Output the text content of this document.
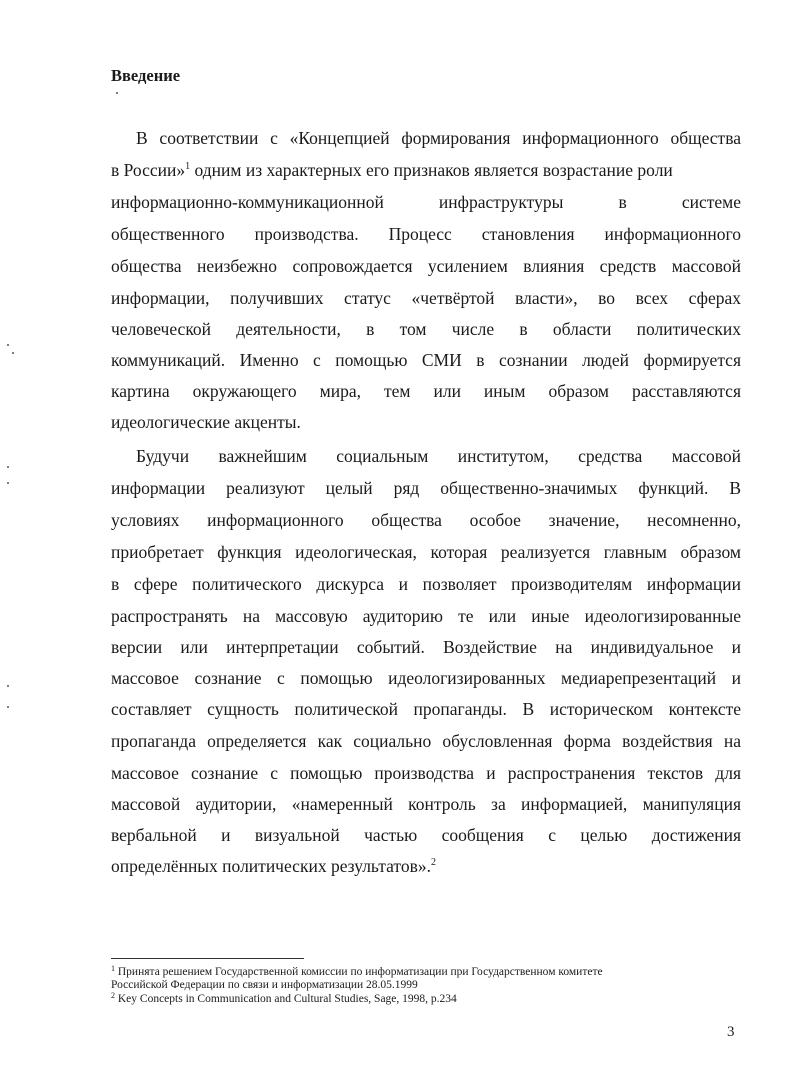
Введение
В соответствии с «Концепцией формирования информационного общества
в России»$^1$ одним из характерных его признаков является возрастание роли
информационно-коммуникационной инфраструктуры в системе
общественного производства. Процесс становления информационного
общества неизбежно сопровождается усилением влияния средств массовой
информации, получивших статус «четвёртой власти», во всех сферах
человеческой деятельности, в том числе в области политических
коммуникаций. Именно с помощью СМИ в сознании людей формируется
картина окружающего мира, тем или иным образом расставляются
идеологические акценты.
Будучи важнейшим социальным институтом, средства массовой
информации реализуют целый ряд общественно-значимых функций. В
условиях информационного общества особое значение, несомненно,
приобретает функция идеологическая, которая реализуется главным образом
в сфере политического дискурса и позволяет производителям информации
распространять на массовую аудиторию те или иные идеологизированные
версии или интерпретации событий. Воздействие на индивидуальное и
массовое сознание с помощью идеологизированных медиарепрезентаций и
составляет сущность политической пропаганды. В историческом контексте
пропаганда определяется как социально обусловленная форма воздействия на
массовое сознание с помощью производства и распространения текстов для
массовой аудитории, «намеренный контроль за информацией, манипуляция
вербальной и визуальной частью сообщения с целью достижения
определённых политических результатов».$^2$
$^1$ Принята решением Государственной комиссии по информатизации при Государственном комитете
Российской Федерации по связи и информатизации 28.05.1999
$^2$ Key Concepts in Communication and Cultural Studies, Sage, 1998, p.234
3
